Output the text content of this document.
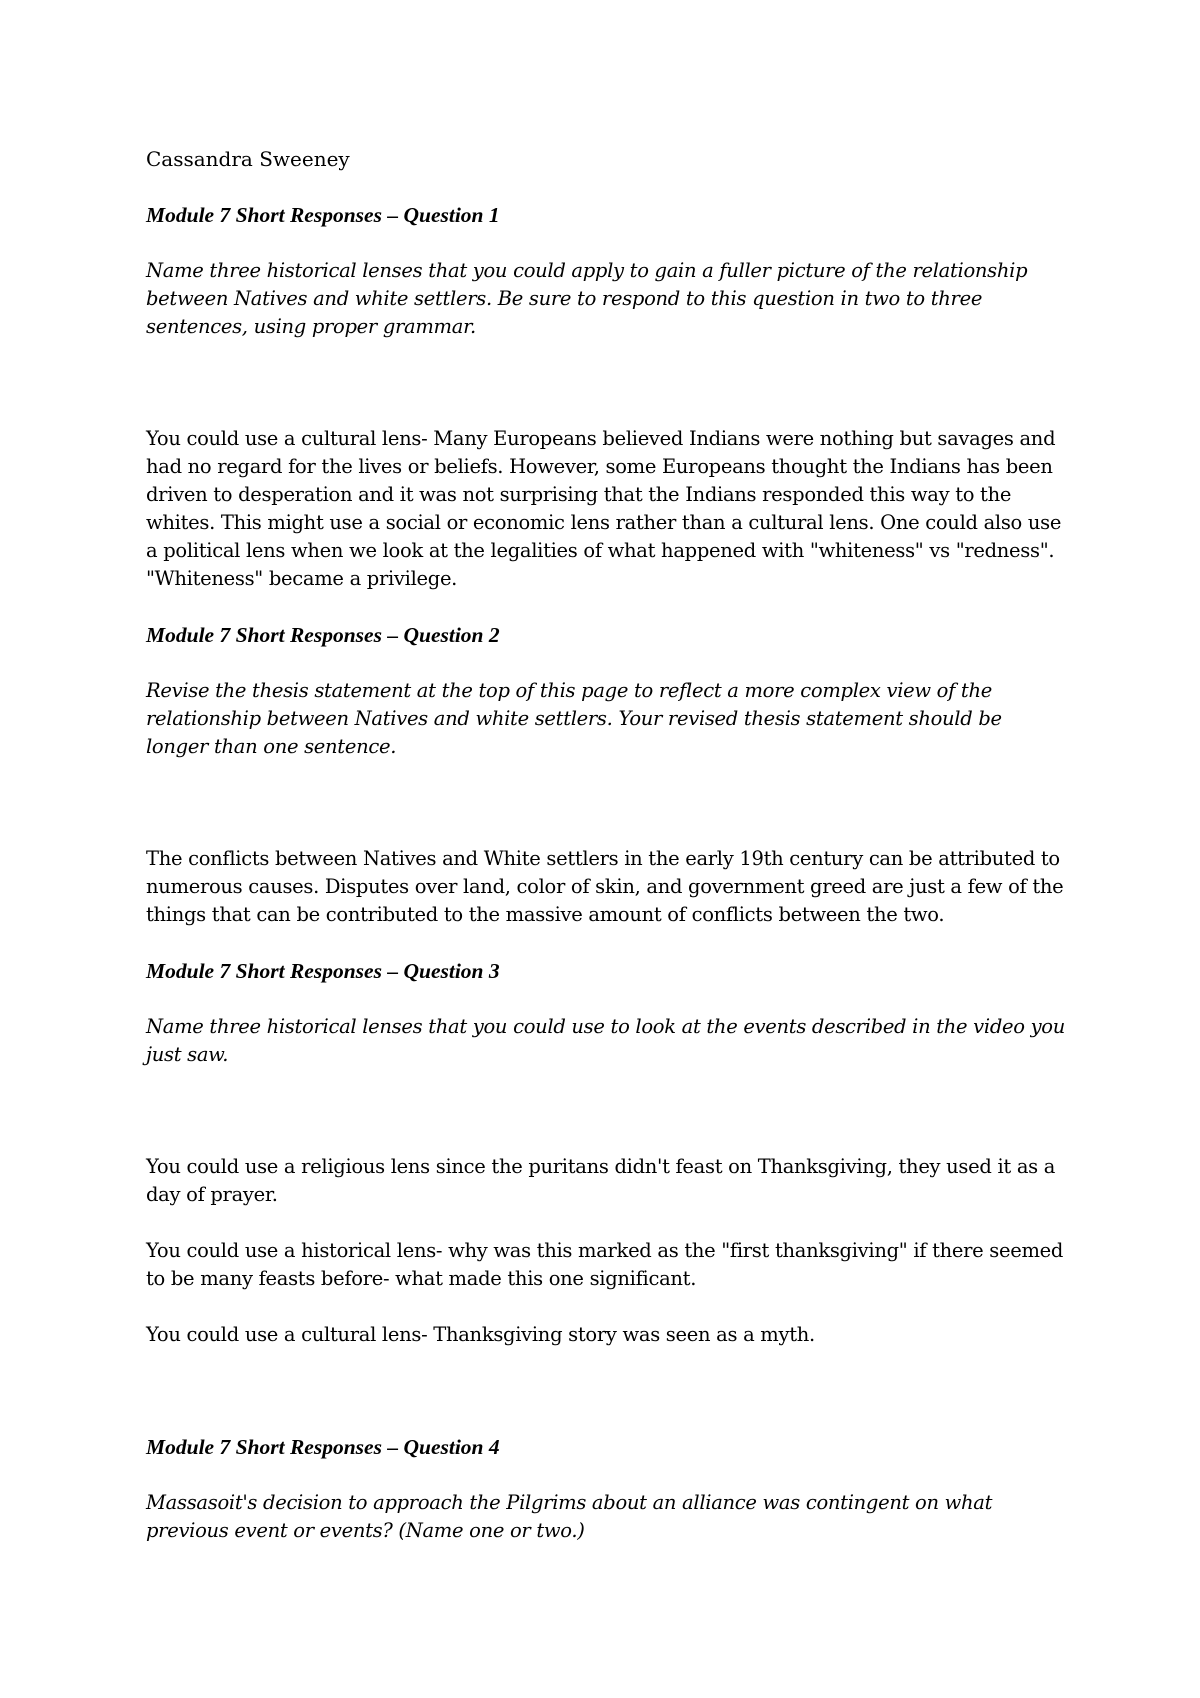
Cassandra Sweeney

Module 7 Short Responses – Question 1

Name three historical lenses that you could apply to gain a fuller picture of the relationship between Natives and white settlers. Be sure to respond to this question in two to three sentences, using proper grammar.

You could use a cultural lens- Many Europeans believed Indians were nothing but savages and had no regard for the lives or beliefs. However, some Europeans thought the Indians has been driven to desperation and it was not surprising that the Indians responded this way to the whites. This might use a social or economic lens rather than a cultural lens. One could also use a political lens when we look at the legalities of what happened with "whiteness" vs "redness". "Whiteness" became a privilege.

Module 7 Short Responses – Question 2

Revise the thesis statement at the top of this page to reflect a more complex view of the relationship between Natives and white settlers. Your revised thesis statement should be longer than one sentence.

The conflicts between Natives and White settlers in the early 19th century can be attributed to numerous causes. Disputes over land, color of skin, and government greed are just a few of the things that can be contributed to the massive amount of conflicts between the two.

Module 7 Short Responses – Question 3

Name three historical lenses that you could use to look at the events described in the video you just saw.

You could use a religious lens since the puritans didn't feast on Thanksgiving, they used it as a day of prayer.

You could use a historical lens- why was this marked as the "first thanksgiving" if there seemed to be many feasts before- what made this one significant.

You could use a cultural lens- Thanksgiving story was seen as a myth.

Module 7 Short Responses – Question 4

Massasoit's decision to approach the Pilgrims about an alliance was contingent on what previous event or events? (Name one or two.)
